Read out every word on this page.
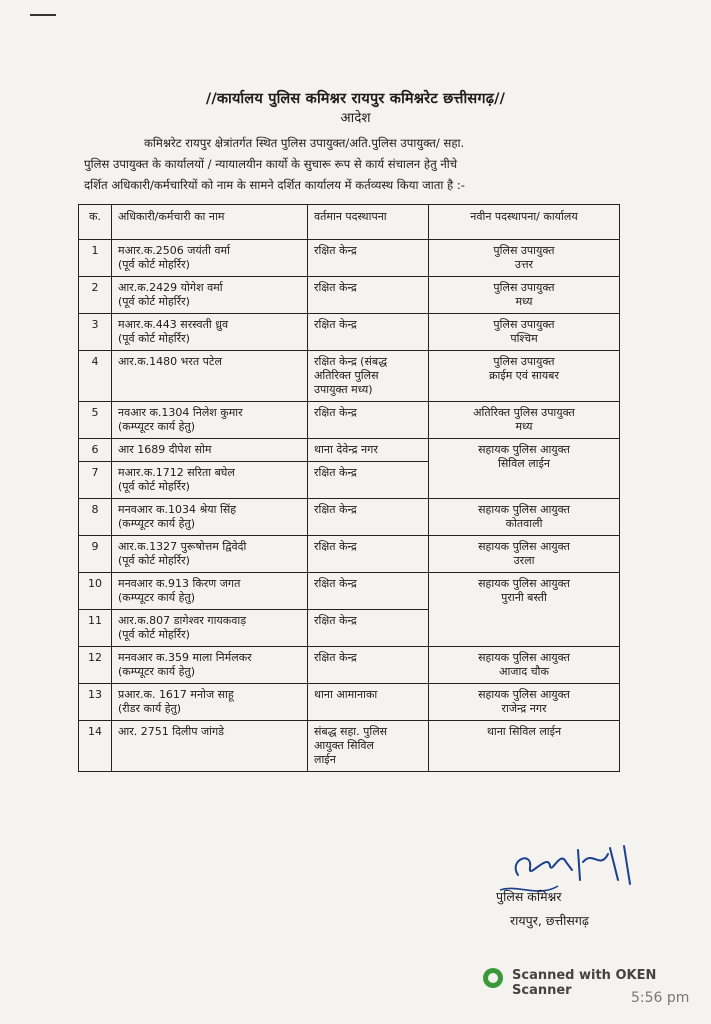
//कार्यालय पुलिस कमिश्नर रायपुर कमिश्नरेट छत्तीसगढ़//
आदेश
कमिश्नरेट रायपुर क्षेत्रांतर्गत स्थित पुलिस उपायुक्त/अति.पुलिस उपायुक्त/ सहा.
पुलिस उपायुक्त के कार्यालयों / न्यायालयीन कार्यो के सुचारू रूप से कार्य संचालन हेतु नीचे
दर्शित अधिकारी/कर्मचारियों को नाम के सामने दर्शित कार्यालय में कर्तव्यस्थ किया जाता है :-
क.	अधिकारी/कर्मचारी का नाम	वर्तमान पदस्थापना	नवीन पदस्थापना/ कार्यालय
1	मआर.क.2506 जयंती वर्मा
(पूर्व कोर्ट मोहर्रिर)	रक्षित केन्द्र	पुलिस उपायुक्त
उत्तर

2	आर.क.2429 योगेश वर्मा
(पूर्व कोर्ट मोहर्रिर)	रक्षित केन्द्र	पुलिस उपायुक्त
मध्य

3	मआर.क.443 सरस्वती ध्रुव
(पूर्व कोर्ट मोहर्रिर)	रक्षित केन्द्र	पुलिस उपायुक्त
पश्चिम

4	आर.क.1480 भरत पटेल	रक्षित केन्द्र (संबद्ध
अतिरिक्त पुलिस
उपायुक्त मध्य)	पुलिस उपायुक्त
क्राईम एवं सायबर

5	नवआर क.1304 निलेश कुमार
(कम्प्यूटर कार्य हेतु)	रक्षित केन्द्र	अतिरिक्त पुलिस उपायुक्त
मध्य

6	आर 1689 दीपेश सोम	थाना देवेन्द्र नगर	सहायक पुलिस आयुक्त
सिविल लाईन

7	मआर.क.1712 सरिता बघेल
(पूर्व कोर्ट मोहर्रिर)	रक्षित केन्द्र	

8	मनवआर क.1034 श्रेया सिंह
(कम्प्यूटर कार्य हेतु)	रक्षित केन्द्र	सहायक पुलिस आयुक्त
कोतवाली

9	आर.क.1327 पुरूषोत्तम द्विवेदी
(पूर्व कोर्ट मोहर्रिर)	रक्षित केन्द्र	सहायक पुलिस आयुक्त
उरला

10	मनवआर क.913 किरण जगत
(कम्प्यूटर कार्य हेतु)	रक्षित केन्द्र	सहायक पुलिस आयुक्त
पुरानी बस्ती

11	आर.क.807 डागेश्वर गायकवाड़
(पूर्व कोर्ट मोहर्रिर)	रक्षित केन्द्र	

12	मनवआर क.359 माला निर्मलकर
(कम्प्यूटर कार्य हेतु)	रक्षित केन्द्र	सहायक पुलिस आयुक्त
आजाद चौक

13	प्रआर.क. 1617 मनोज साहू
(रीडर कार्य हेतु)	थाना आमानाका	सहायक पुलिस आयुक्त
राजेन्द्र नगर

14	आर. 2751 दिलीप जांगडे	संबद्ध सहा. पुलिस
आयुक्त सिविल
लाईन	थाना सिविल लाईन
पुलिस कमिश्नर
रायपुर, छत्तीसगढ़
Scanned with OKEN Scanner	5:56 pm
